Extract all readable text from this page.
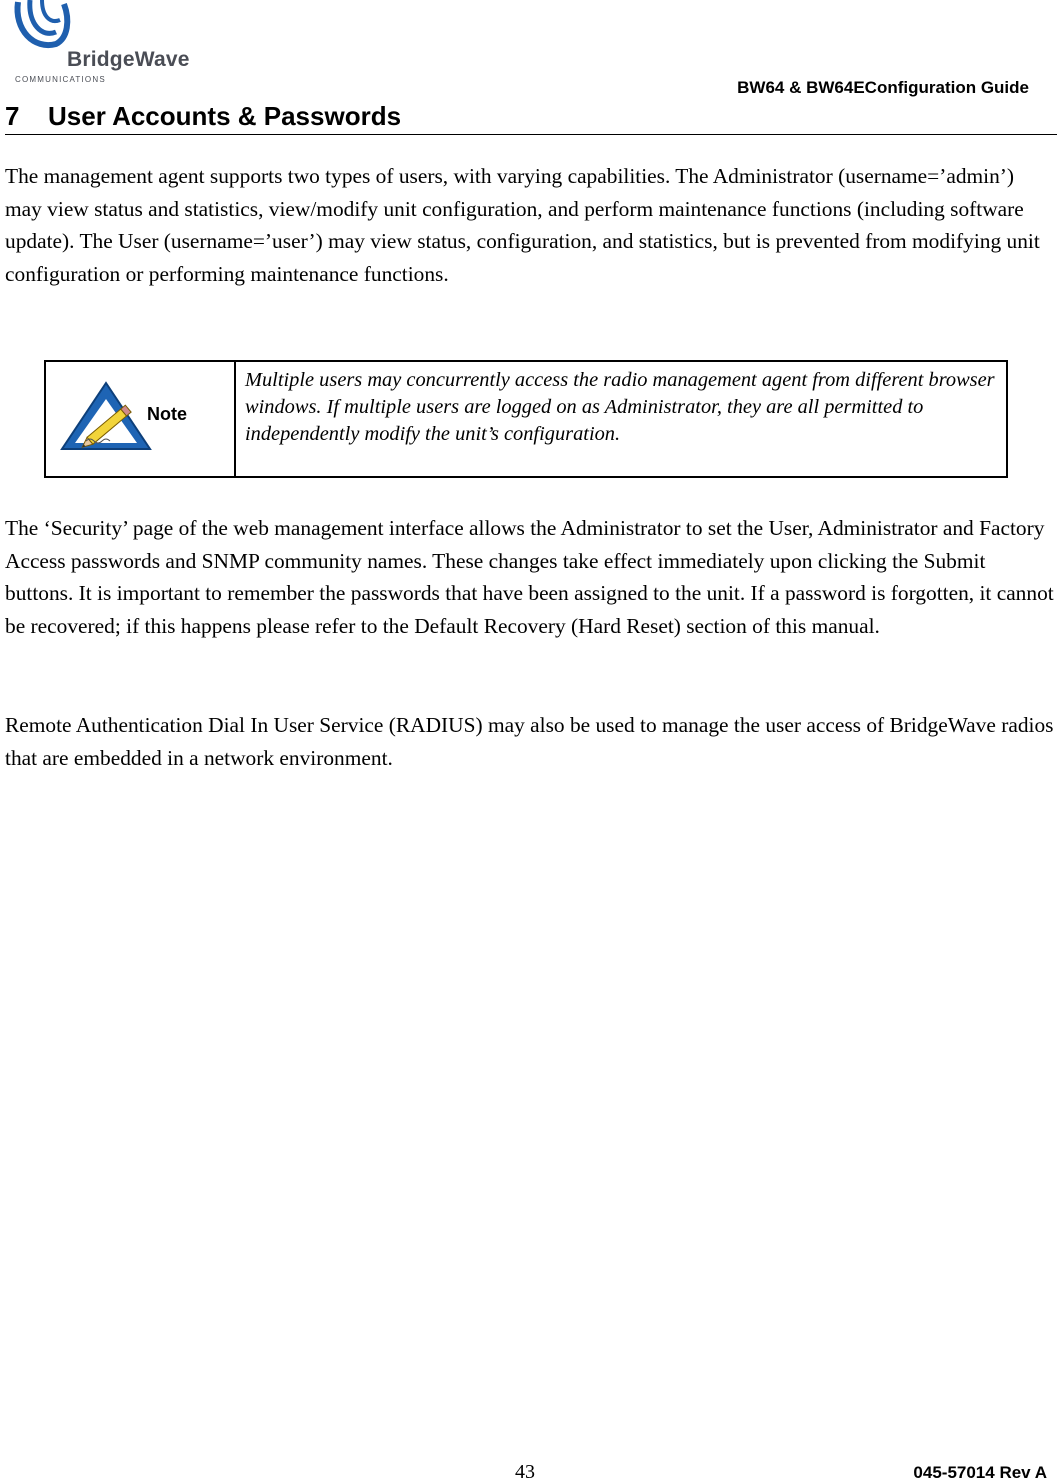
BridgeWave
COMMUNICATIONS	BW64 & BW64EConfiguration Guide
7 User Accounts & Passwords

The management agent supports two types of users, with varying capabilities. The Administrator (username=’admin’) may view status and statistics, view/modify unit configuration, and perform maintenance functions (including software update). The User (username=’user’) may view status, configuration, and statistics, but is prevented from modifying unit configuration or performing maintenance functions.

Note
Multiple users may concurrently access the radio management agent from different browser windows. If multiple users are logged on as Administrator, they are all permitted to independently modify the unit’s configuration.

The ‘Security’ page of the web management interface allows the Administrator to set the User, Administrator and Factory Access passwords and SNMP community names. These changes take effect immediately upon clicking the Submit buttons. It is important to remember the passwords that have been assigned to the unit. If a password is forgotten, it cannot be recovered; if this happens please refer to the Default Recovery (Hard Reset) section of this manual.

Remote Authentication Dial In User Service (RADIUS) may also be used to manage the user access of BridgeWave radios that are embedded in a network environment.

43	045-57014 Rev A
